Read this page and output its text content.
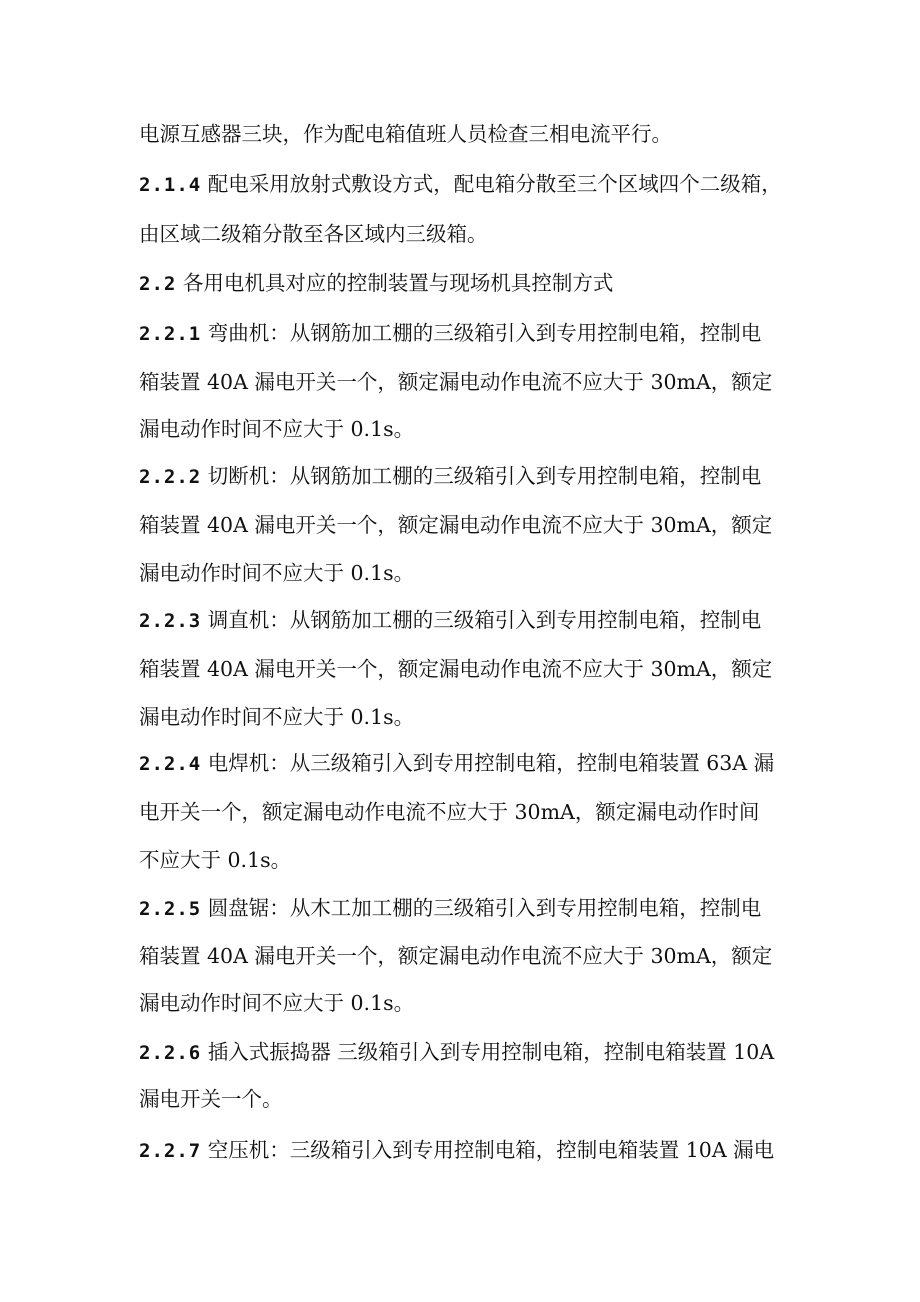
电源互感器三块，作为配电箱值班人员检查三相电流平行。
2.1.4 配电采用放射式敷设方式，配电箱分散至三个区域四个二级箱，
由区域二级箱分散至各区域内三级箱。
2.2 各用电机具对应的控制装置与现场机具控制方式
2.2.1 弯曲机：从钢筋加工棚的三级箱引入到专用控制电箱，控制电
箱装置 40A 漏电开关一个，额定漏电动作电流不应大于 30mA，额定
漏电动作时间不应大于 0.1s。
2.2.2 切断机：从钢筋加工棚的三级箱引入到专用控制电箱，控制电
箱装置 40A 漏电开关一个，额定漏电动作电流不应大于 30mA，额定
漏电动作时间不应大于 0.1s。
2.2.3 调直机：从钢筋加工棚的三级箱引入到专用控制电箱，控制电
箱装置 40A 漏电开关一个，额定漏电动作电流不应大于 30mA，额定
漏电动作时间不应大于 0.1s。
2.2.4 电焊机：从三级箱引入到专用控制电箱，控制电箱装置 63A 漏
电开关一个，额定漏电动作电流不应大于 30mA，额定漏电动作时间
不应大于 0.1s。
2.2.5 圆盘锯：从木工加工棚的三级箱引入到专用控制电箱，控制电
箱装置 40A 漏电开关一个，额定漏电动作电流不应大于 30mA，额定
漏电动作时间不应大于 0.1s。
2.2.6 插入式振捣器 三级箱引入到专用控制电箱，控制电箱装置 10A
漏电开关一个。
2.2.7 空压机：三级箱引入到专用控制电箱，控制电箱装置 10A 漏电
